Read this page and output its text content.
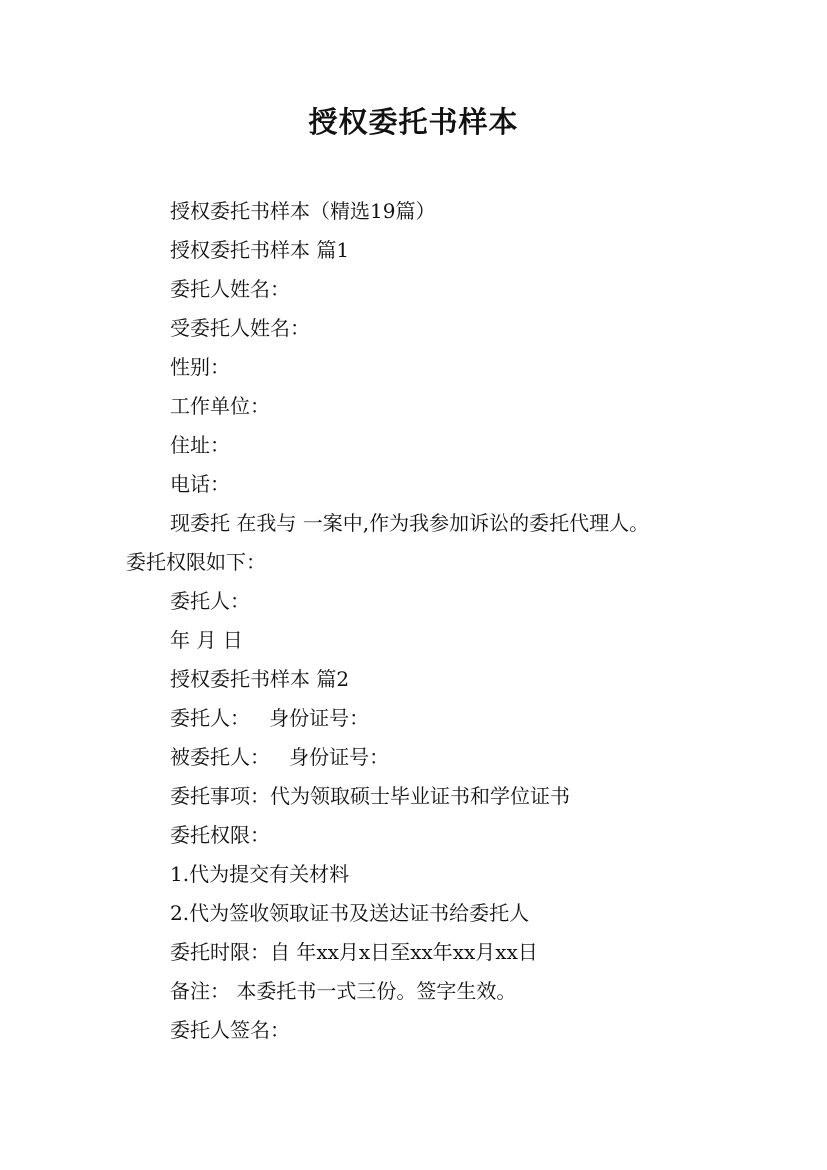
授权委托书样本
授权委托书样本（精选19篇）
授权委托书样本 篇1
委托人姓名：
受委托人姓名：
性别：
工作单位：
住址：
电话：
现委托 在我与 一案中,作为我参加诉讼的委托代理人。
委托权限如下：
委托人：
年 月 日
授权委托书样本 篇2
委托人：   身份证号：
被委托人：   身份证号：
委托事项：代为领取硕士毕业证书和学位证书
委托权限：
1.代为提交有关材料
2.代为签收领取证书及送达证书给委托人
委托时限：自 年xx月x日至xx年xx月xx日
备注： 本委托书一式三份。签字生效。
委托人签名：
